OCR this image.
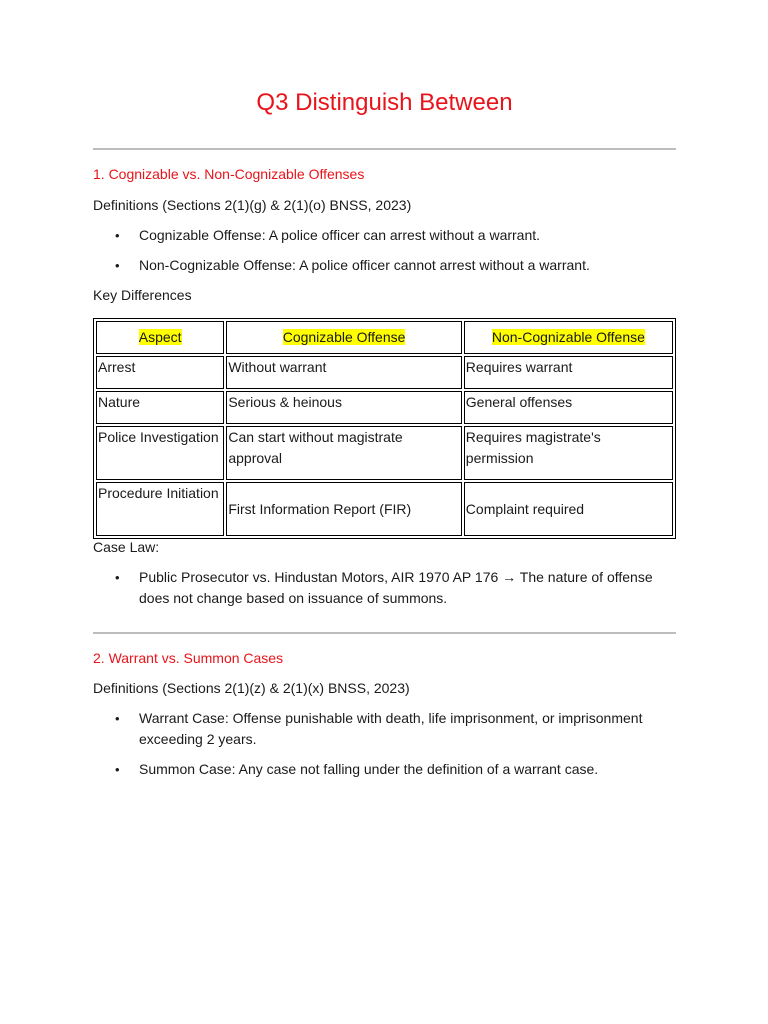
Q3 Distinguish Between
1. Cognizable vs. Non-Cognizable Offenses

Definitions (Sections 2(1)(g) & 2(1)(o) BNSS, 2023)

• Cognizable Offense: A police officer can arrest without a warrant.
• Non-Cognizable Offense: A police officer cannot arrest without a warrant.

Key Differences

Aspect	Cognizable Offense	Non-Cognizable Offense
Arrest	Without warrant	Requires warrant
Nature	Serious & heinous	General offenses
Police Investigation	Can start without magistrate approval	Requires magistrate's permission
Procedure Initiation	First Information Report (FIR)	Complaint required

Case Law:

• Public Prosecutor vs. Hindustan Motors, AIR 1970 AP 176 → The nature of offense does not change based on issuance of summons.
2. Warrant vs. Summon Cases

Definitions (Sections 2(1)(z) & 2(1)(x) BNSS, 2023)

• Warrant Case: Offense punishable with death, life imprisonment, or imprisonment exceeding 2 years.
• Summon Case: Any case not falling under the definition of a warrant case.
